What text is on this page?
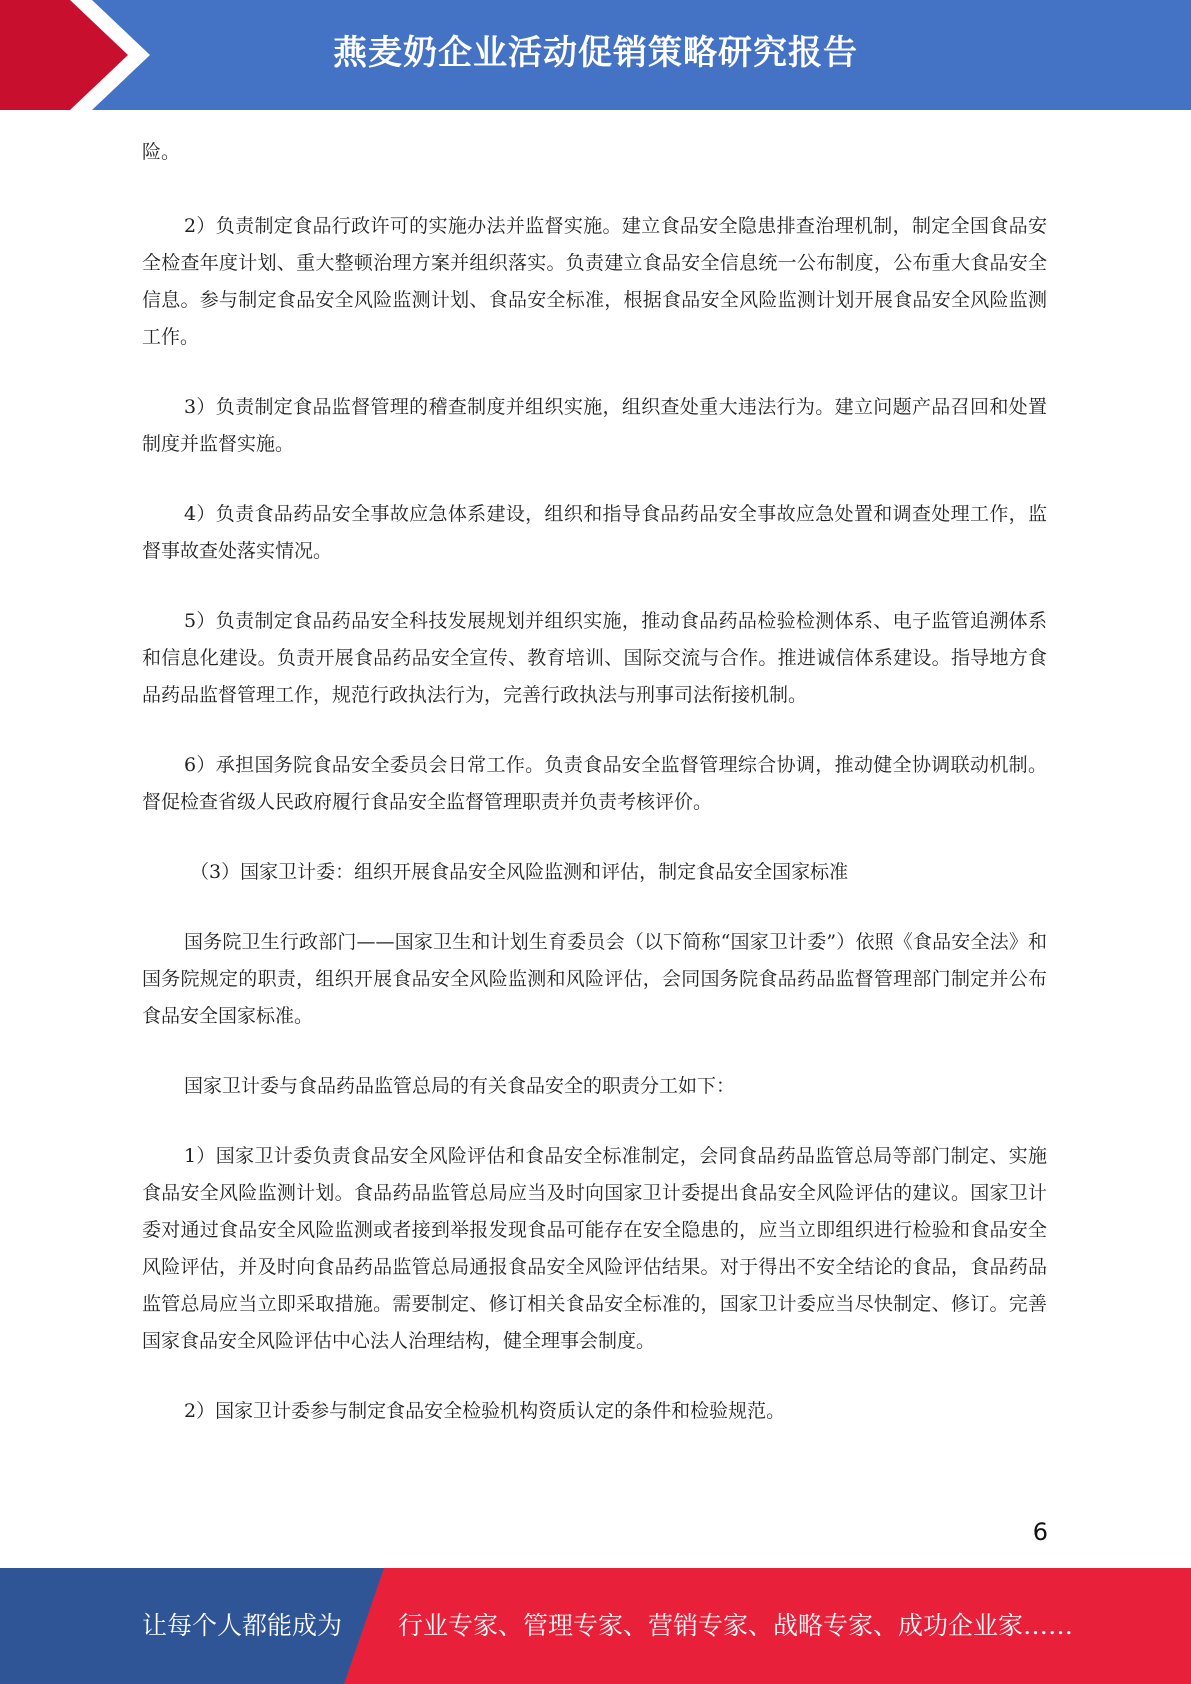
燕麦奶企业活动促销策略研究报告

险。

2）负责制定食品行政许可的实施办法并监督实施。建立食品安全隐患排查治理机制，制定全国食品安全检查年度计划、重大整顿治理方案并组织落实。负责建立食品安全信息统一公布制度，公布重大食品安全信息。参与制定食品安全风险监测计划、食品安全标准，根据食品安全风险监测计划开展食品安全风险监测工作。

3）负责制定食品监督管理的稽查制度并组织实施，组织查处重大违法行为。建立问题产品召回和处置制度并监督实施。

4）负责食品药品安全事故应急体系建设，组织和指导食品药品安全事故应急处置和调查处理工作，监督事故查处落实情况。

5）负责制定食品药品安全科技发展规划并组织实施，推动食品药品检验检测体系、电子监管追溯体系和信息化建设。负责开展食品药品安全宣传、教育培训、国际交流与合作。推进诚信体系建设。指导地方食品药品监督管理工作，规范行政执法行为，完善行政执法与刑事司法衔接机制。

6）承担国务院食品安全委员会日常工作。负责食品安全监督管理综合协调，推动健全协调联动机制。督促检查省级人民政府履行食品安全监督管理职责并负责考核评价。

（3）国家卫计委：组织开展食品安全风险监测和评估，制定食品安全国家标准

国务院卫生行政部门——国家卫生和计划生育委员会（以下简称“国家卫计委”）依照《食品安全法》和国务院规定的职责，组织开展食品安全风险监测和风险评估，会同国务院食品药品监督管理部门制定并公布食品安全国家标准。

国家卫计委与食品药品监管总局的有关食品安全的职责分工如下：

1）国家卫计委负责食品安全风险评估和食品安全标准制定，会同食品药品监管总局等部门制定、实施食品安全风险监测计划。食品药品监管总局应当及时向国家卫计委提出食品安全风险评估的建议。国家卫计委对通过食品安全风险监测或者接到举报发现食品可能存在安全隐患的，应当立即组织进行检验和食品安全风险评估，并及时向食品药品监管总局通报食品安全风险评估结果。对于得出不安全结论的食品，食品药品监管总局应当立即采取措施。需要制定、修订相关食品安全标准的，国家卫计委应当尽快制定、修订。完善国家食品安全风险评估中心法人治理结构，健全理事会制度。

2）国家卫计委参与制定食品安全检验机构资质认定的条件和检验规范。

6
让每个人都能成为 行业专家、管理专家、营销专家、战略专家、成功企业家……
